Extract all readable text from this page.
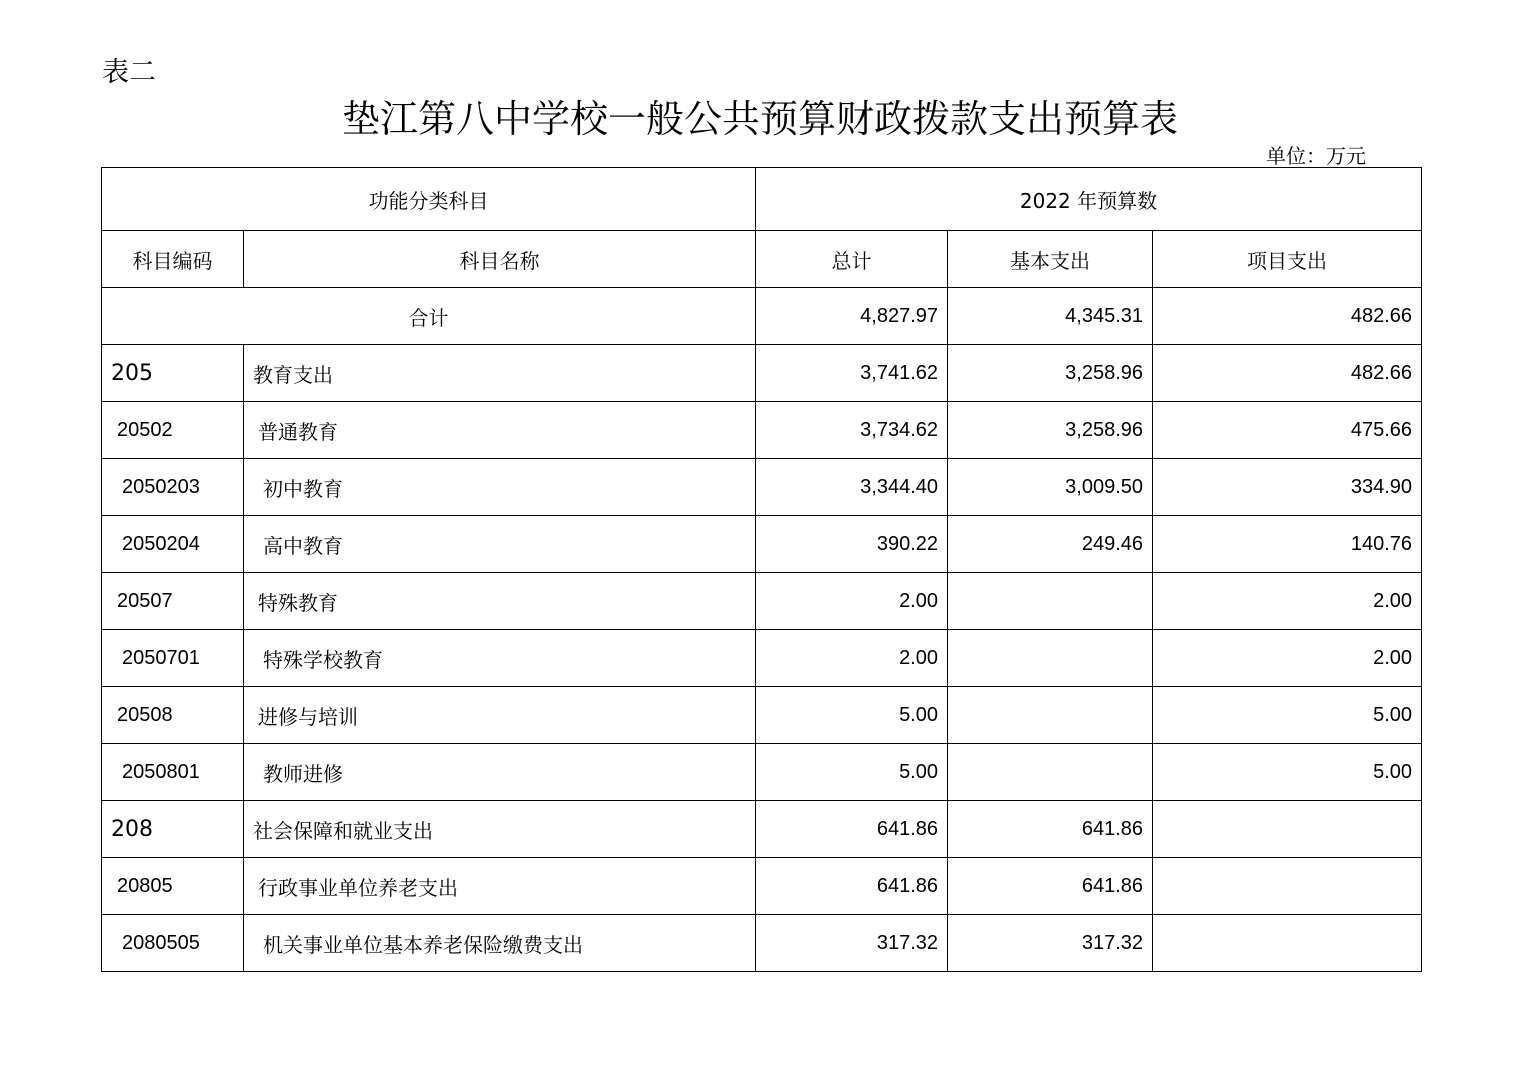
表二
垫江第八中学校一般公共预算财政拨款支出预算表
单位：万元
功能分类科目		2022 年预算数		
科目编码	科目名称	总计	基本支出	项目支出
合计		4,827.97	4,345.31	482.66
205	教育支出	3,741.62	3,258.96	482.66
20502	普通教育	3,734.62	3,258.96	475.66
2050203	初中教育	3,344.40	3,009.50	334.90
2050204	高中教育	390.22	249.46	140.76
20507	特殊教育	2.00		2.00
2050701	特殊学校教育	2.00		2.00
20508	进修与培训	5.00		5.00
2050801	教师进修	5.00		5.00
208	社会保障和就业支出	641.86	641.86	
20805	行政事业单位养老支出	641.86	641.86	
2080505	机关事业单位基本养老保险缴费支出	317.32	317.32	
